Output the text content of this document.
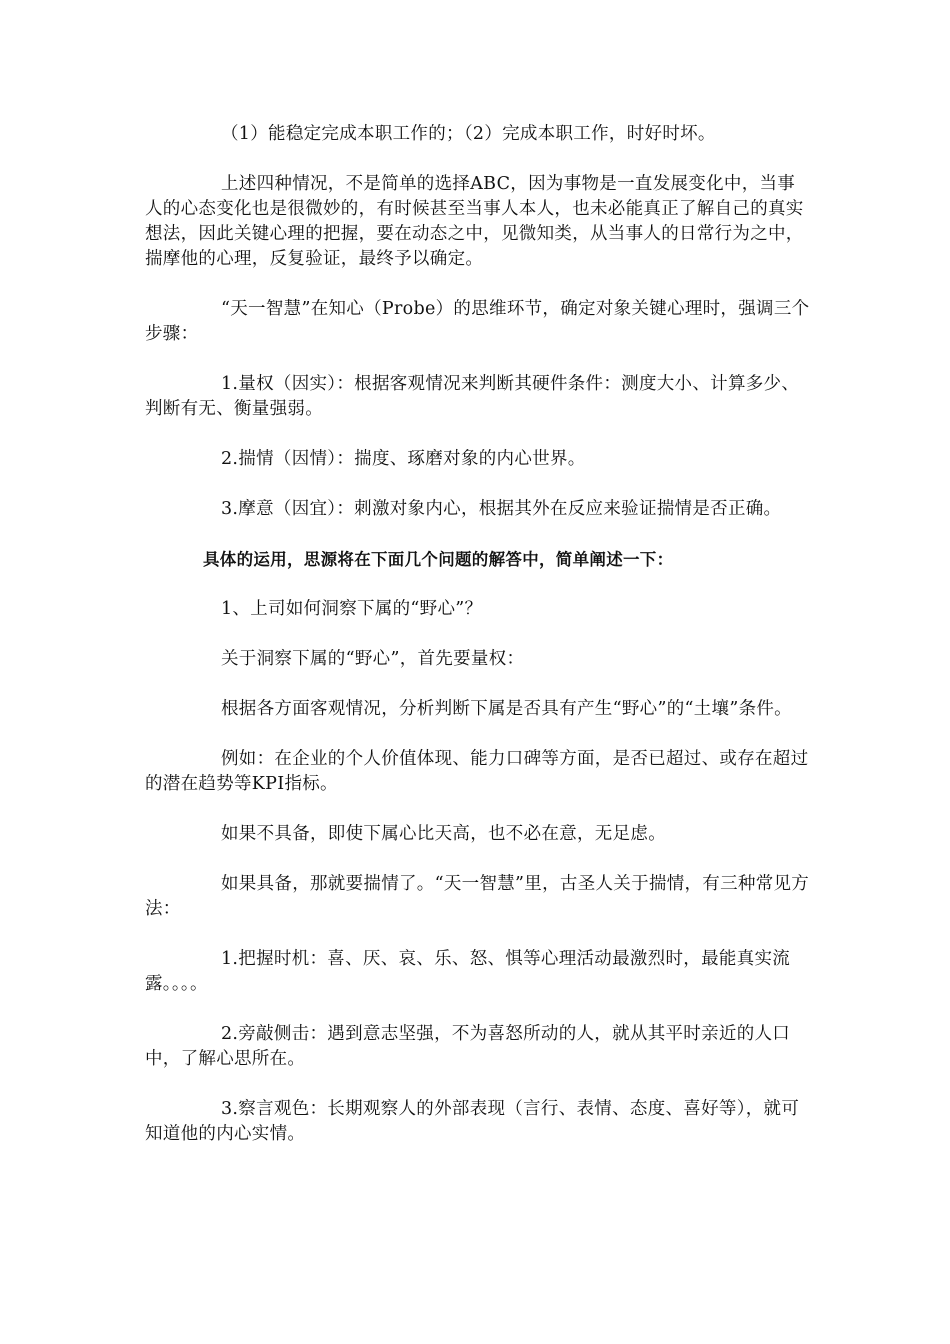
（1）能稳定完成本职工作的；（2）完成本职工作，时好时坏。

上述四种情况，不是简单的选择ABC，因为事物是一直发展变化中，当事人的心态变化也是很微妙的，有时候甚至当事人本人，也未必能真正了解自己的真实想法，因此关键心理的把握，要在动态之中，见微知类，从当事人的日常行为之中，揣摩他的心理，反复验证，最终予以确定。

“天一智慧”在知心（Probe）的思维环节，确定对象关键心理时，强调三个步骤：

1.量权（因实）：根据客观情况来判断其硬件条件：测度大小、计算多少、判断有无、衡量强弱。

2.揣情（因情）：揣度、琢磨对象的内心世界。

3.摩意（因宜）：刺激对象内心，根据其外在反应来验证揣情是否正确。

具体的运用，思源将在下面几个问题的解答中，简单阐述一下：

1、上司如何洞察下属的“野心”？

关于洞察下属的“野心”，首先要量权：

根据各方面客观情况，分析判断下属是否具有产生“野心”的“土壤”条件。

例如：在企业的个人价值体现、能力口碑等方面，是否已超过、或存在超过的潜在趋势等KPI指标。

如果不具备，即使下属心比天高，也不必在意，无足虑。

如果具备，那就要揣情了。“天一智慧”里，古圣人关于揣情，有三种常见方法：

1.把握时机：喜、厌、哀、乐、怒、惧等心理活动最激烈时，最能真实流露。。。。

2.旁敲侧击：遇到意志坚强，不为喜怒所动的人，就从其平时亲近的人口中，了解心思所在。

3.察言观色：长期观察人的外部表现（言行、表情、态度、喜好等），就可知道他的内心实情。
